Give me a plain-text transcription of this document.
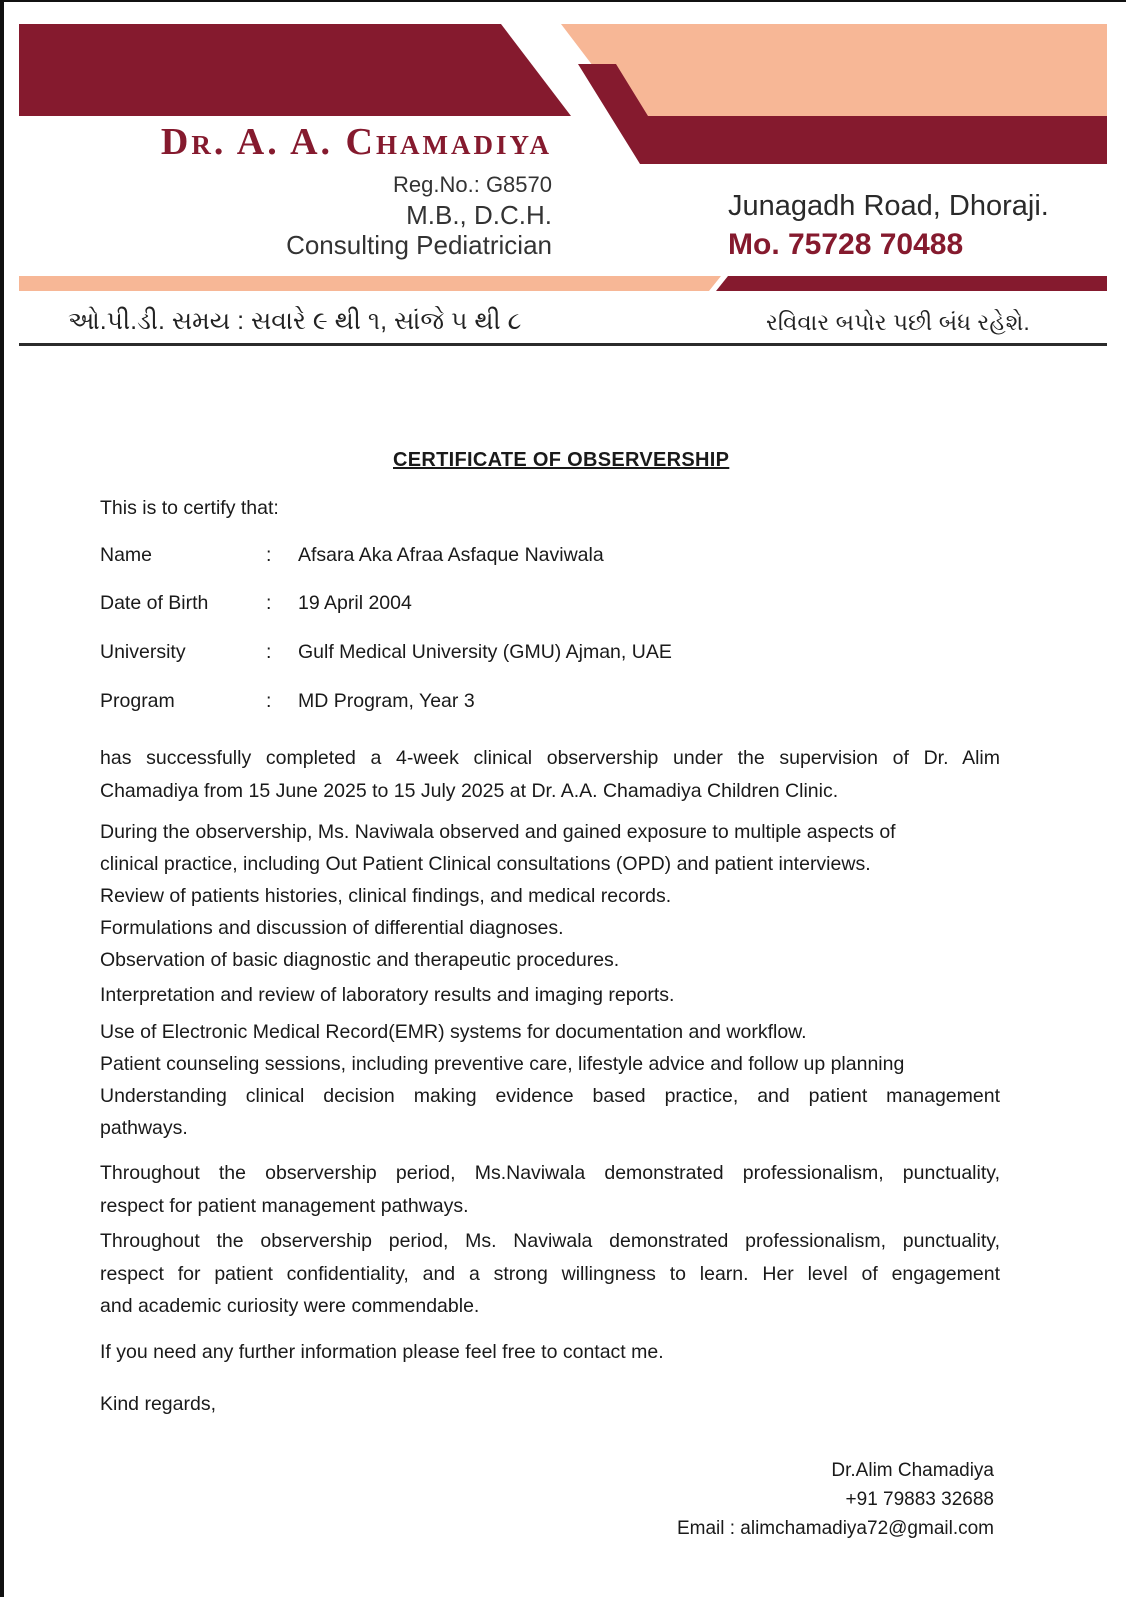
Dr. A. A. Chamadiya
Reg.No.: G8570
M.B., D.C.H.
Consulting Pediatrician
Junagadh Road, Dhoraji.
Mo. 75728 70488
ઓ.પી.ડી. સમય : સવારે ૯ થી ૧, સાંજે ૫ થી ૮	રવિવાર બપોર પછી બંધ રહેશે.
CERTIFICATE OF OBSERVERSHIP
This is to certify that:
Name	: Afsara Aka Afraa Asfaque Naviwala
Date of Birth	: 19 April 2004
University	: Gulf Medical University (GMU) Ajman, UAE
Program	: MD Program, Year 3
has successfully completed a 4-week clinical observership under the supervision of Dr. Alim
Chamadiya from 15 June 2025 to 15 July 2025 at Dr. A.A. Chamadiya Children Clinic.
During the observership, Ms. Naviwala observed and gained exposure to multiple aspects of
clinical practice, including Out Patient Clinical consultations (OPD) and patient interviews.
Review of patients histories, clinical findings, and medical records.
Formulations and discussion of differential diagnoses.
Observation of basic diagnostic and therapeutic procedures.
Interpretation and review of laboratory results and imaging reports.
Use of Electronic Medical Record(EMR) systems for documentation and workflow.
Patient counseling sessions, including preventive care, lifestyle advice and follow up planning
Understanding clinical decision making evidence based practice, and patient management
pathways.
Throughout the observership period, Ms.Naviwala demonstrated professionalism, punctuality,
respect for patient management pathways.
Throughout the observership period, Ms. Naviwala demonstrated professionalism, punctuality,
respect for patient confidentiality, and a strong willingness to learn. Her level of engagement
and academic curiosity were commendable.
If you need any further information please feel free to contact me.
Kind regards,
Dr.Alim Chamadiya
+91 79883 32688
Email : alimchamadiya72@gmail.com
